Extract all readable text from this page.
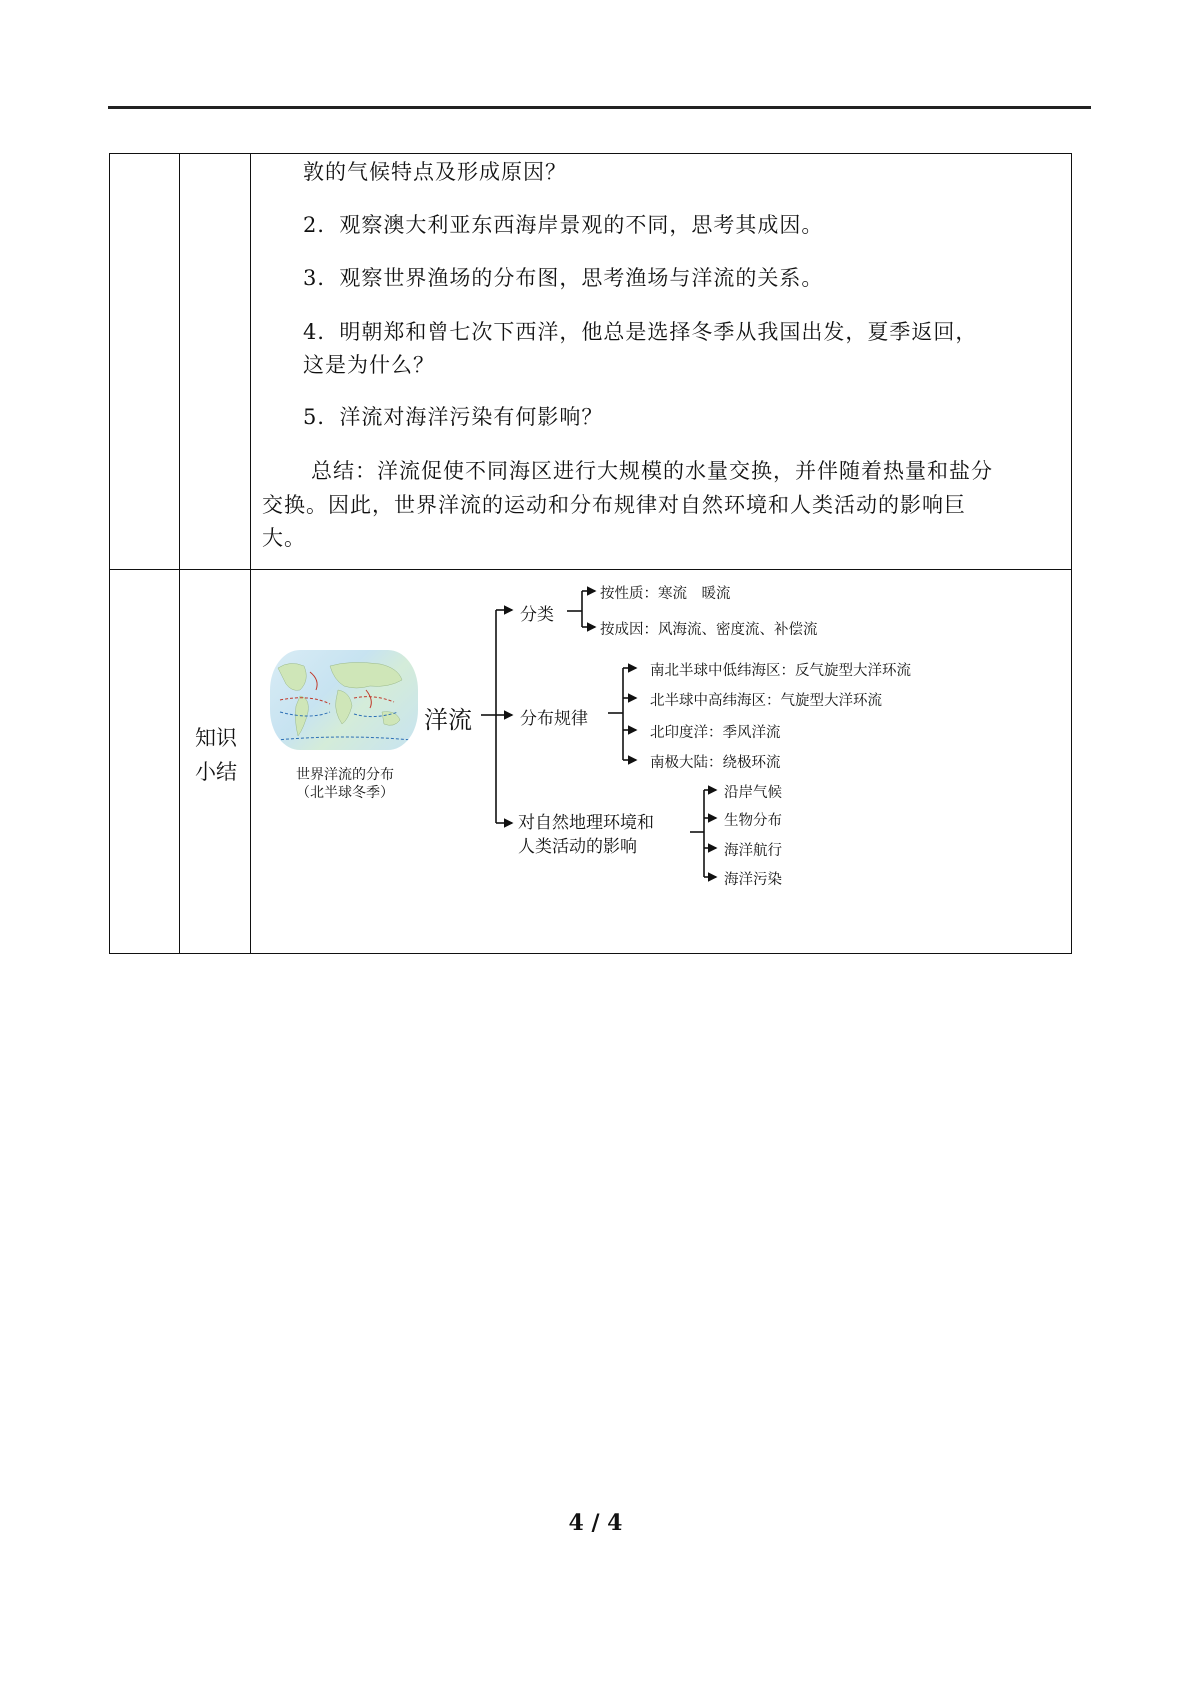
敦的气候特点及形成原因？
2．观察澳大利亚东西海岸景观的不同，思考其成因。
3．观察世界渔场的分布图，思考渔场与洋流的关系。
4．明朝郑和曾七次下西洋，他总是选择冬季从我国出发，夏季返回，
这是为什么？
5．洋流对海洋污染有何影响？
总结：洋流促使不同海区进行大规模的水量交换，并伴随着热量和盐分
交换。因此，世界洋流的运动和分布规律对自然环境和人类活动的影响巨
大。
知识
小结	世界洋流的分布
（北半球冬季）
洋流
分类
按性质：寒流　暖流
按成因：风海流、密度流、补偿流
分布规律
南北半球中低纬海区：反气旋型大洋环流
北半球中高纬海区：气旋型大洋环流
北印度洋：季风洋流
南极大陆：绕极环流
对自然地理环境和
人类活动的影响
沿岸气候
生物分布
海洋航行
海洋污染
4 / 4
